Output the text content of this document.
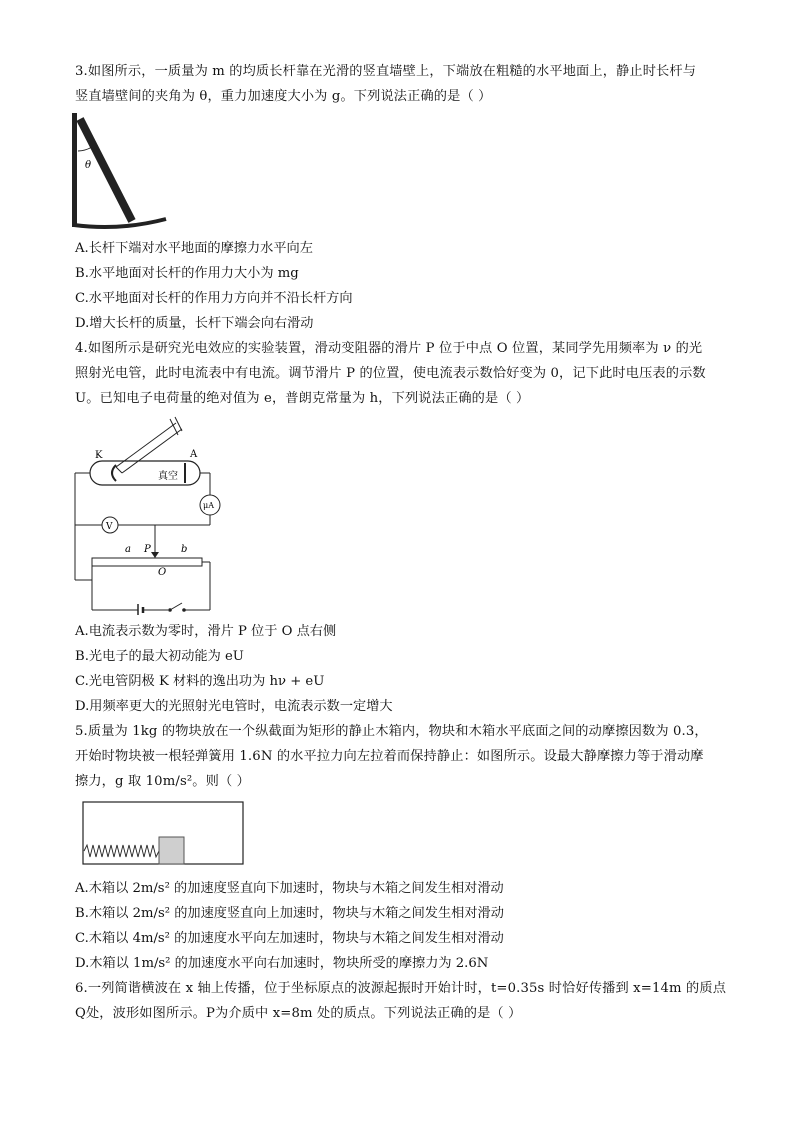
3.如图所示，一质量为 m 的均质长杆靠在光滑的竖直墙壁上，下端放在粗糙的水平地面上，静止时长杆与
竖直墙壁间的夹角为 θ，重力加速度大小为 g。下列说法正确的是（ ）
θ
A.长杆下端对水平地面的摩擦力水平向左
B.水平地面对长杆的作用力大小为 mg
C.水平地面对长杆的作用力方向并不沿长杆方向
D.增大长杆的质量，长杆下端会向右滑动
4.如图所示是研究光电效应的实验装置，滑动变阻器的滑片 P 位于中点 O 位置，某同学先用频率为 ν 的光
照射光电管，此时电流表中有电流。调节滑片 P 的位置，使电流表示数恰好变为 0，记下此时电压表的示数
U。已知电子电荷量的绝对值为 e，普朗克常量为 h，下列说法正确的是（ ）
K	A
真空
μA
V
a	b
P
O
A.电流表示数为零时，滑片 P 位于 O 点右侧
B.光电子的最大初动能为 eU
C.光电管阴极 K 材料的逸出功为 hν + eU
D.用频率更大的光照射光电管时，电流表示数一定增大
5.质量为 1kg 的物块放在一个纵截面为矩形的静止木箱内，物块和木箱水平底面之间的动摩擦因数为 0.3，
开始时物块被一根轻弹簧用 1.6N 的水平拉力向左拉着而保持静止：如图所示。设最大静摩擦力等于滑动摩
擦力，g 取 10m/s²。则（ ）
A.木箱以 2m/s² 的加速度竖直向下加速时，物块与木箱之间发生相对滑动
B.木箱以 2m/s² 的加速度竖直向上加速时，物块与木箱之间发生相对滑动
C.木箱以 4m/s² 的加速度水平向左加速时，物块与木箱之间发生相对滑动
D.木箱以 1m/s² 的加速度水平向右加速时，物块所受的摩擦力为 2.6N
6.一列简谐横波在 x 轴上传播，位于坐标原点的波源起振时开始计时，t=0.35s 时恰好传播到 x=14m 的质点
Q处，波形如图所示。P为介质中 x=8m 处的质点。下列说法正确的是（ ）
